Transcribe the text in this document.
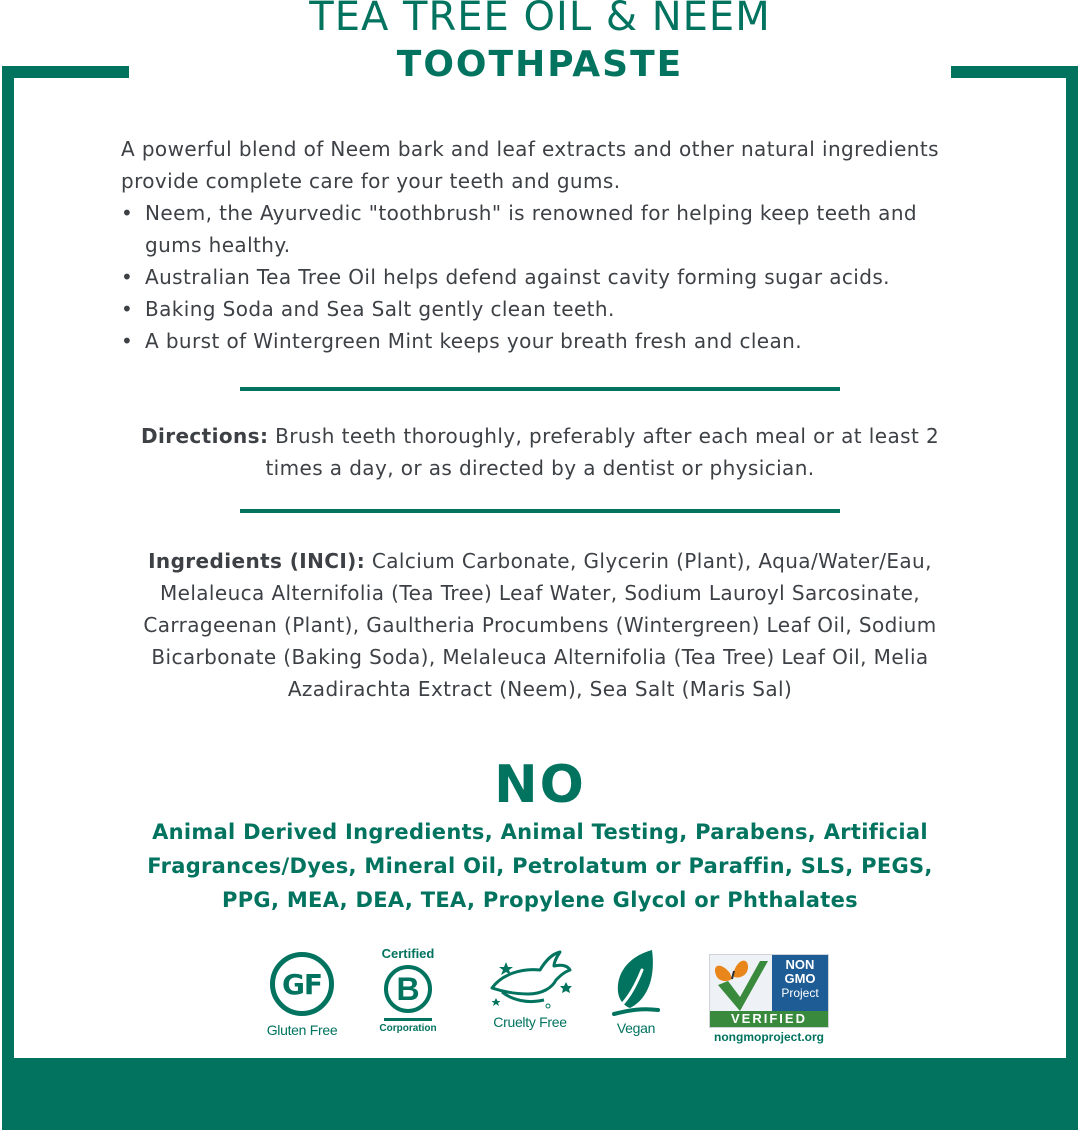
TEA TREE OIL & NEEM
TOOTHPASTE

A powerful blend of Neem bark and leaf extracts and other natural ingredients provide complete care for your teeth and gums.

• Neem, the Ayurvedic "toothbrush" is renowned for helping keep teeth and gums healthy.
• Australian Tea Tree Oil helps defend against cavity forming sugar acids.
• Baking Soda and Sea Salt gently clean teeth.
• A burst of Wintergreen Mint keeps your breath fresh and clean.
Directions: Brush teeth thoroughly, preferably after each meal or at least 2 times a day, or as directed by a dentist or physician.
Ingredients (INCI): Calcium Carbonate, Glycerin (Plant), Aqua/Water/Eau, Melaleuca Alternifolia (Tea Tree) Leaf Water, Sodium Lauroyl Sarcosinate, Carrageenan (Plant), Gaultheria Procumbens (Wintergreen) Leaf Oil, Sodium Bicarbonate (Baking Soda), Melaleuca Alternifolia (Tea Tree) Leaf Oil, Melia Azadirachta Extract (Neem), Sea Salt (Maris Sal)
NO
Animal Derived Ingredients, Animal Testing, Parabens, Artificial Fragrances/Dyes, Mineral Oil, Petrolatum or Paraffin, SLS, PEGS, PPG, MEA, DEA, TEA, Propylene Glycol or Phthalates
GF
Gluten Free
Certified
B
Corporation	Cruelty Free	Vegan
NON
GMO
Project
VERIFIED
nongmoproject.org
